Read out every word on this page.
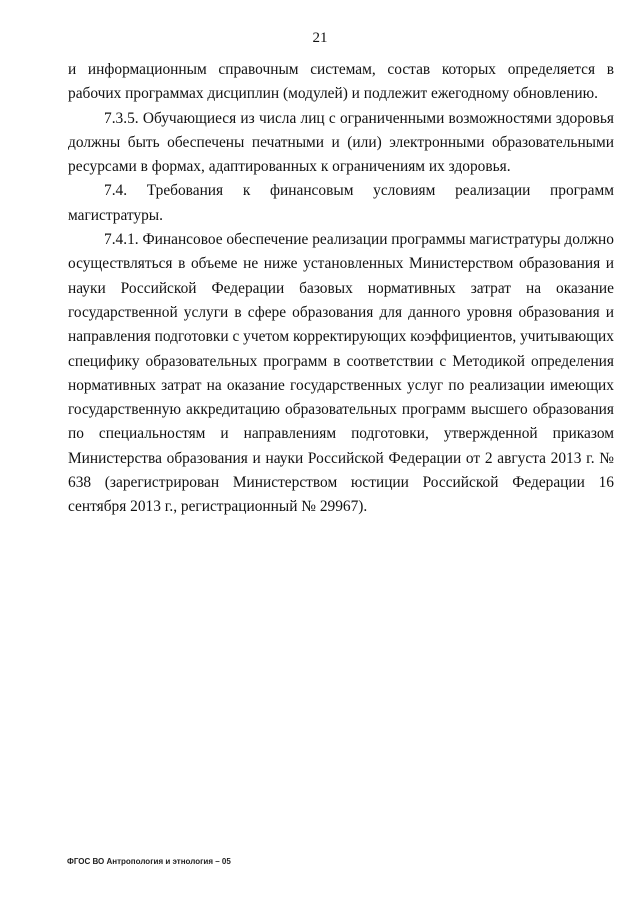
21

и информационным справочным системам, состав которых определяется в рабочих программах дисциплин (модулей) и подлежит ежегодному обновлению.

7.3.5. Обучающиеся из числа лиц с ограниченными возможностями здоровья должны быть обеспечены печатными и (или) электронными образовательными ресурсами в формах, адаптированных к ограничениям их здоровья.

7.4. Требования к финансовым условиям реализации программ магистратуры.

7.4.1. Финансовое обеспечение реализации программы магистратуры должно осуществляться в объеме не ниже установленных Министерством образования и науки Российской Федерации базовых нормативных затрат на оказание государственной услуги в сфере образования для данного уровня образования и направления подготовки с учетом корректирующих коэффициентов, учитывающих специфику образовательных программ в соответствии с Методикой определения нормативных затрат на оказание государственных услуг по реализации имеющих государственную аккредитацию образовательных программ высшего образования по специальностям и направлениям подготовки, утвержденной приказом Министерства образования и науки Российской Федерации от 2 августа 2013 г. № 638 (зарегистрирован Министерством юстиции Российской Федерации 16 сентября 2013 г., регистрационный № 29967).

ФГОС ВО Антропология и этнология – 05
